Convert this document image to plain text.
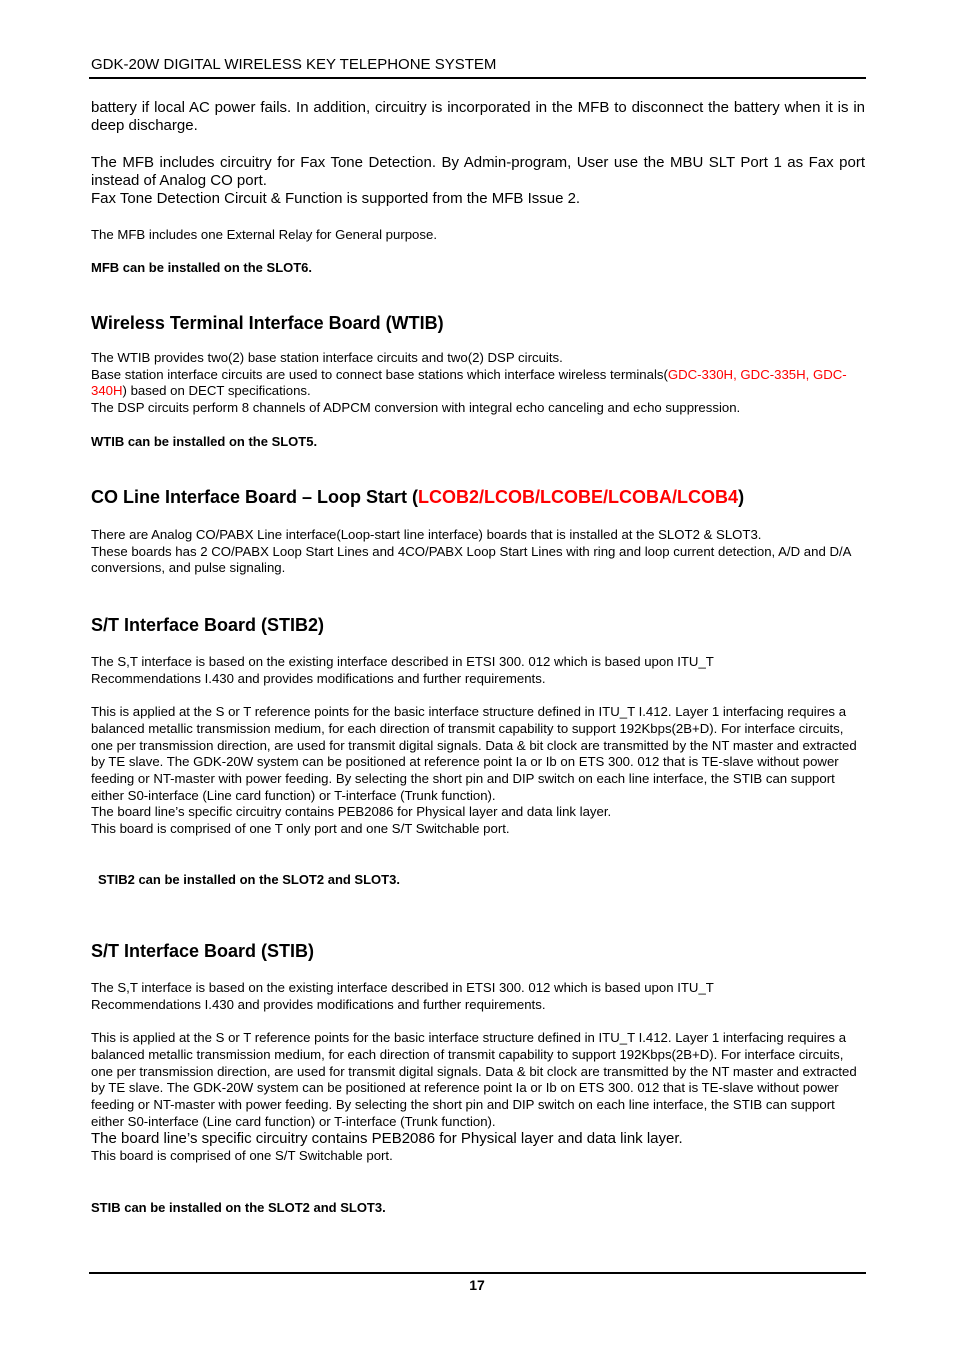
GDK-20W DIGITAL WIRELESS KEY TELEPHONE SYSTEM

battery if local AC power fails. In addition, circuitry is incorporated in the MFB to disconnect the battery when it is in deep discharge.

The MFB includes circuitry for Fax Tone Detection. By Admin-program, User use the MBU SLT Port 1 as Fax port instead of Analog CO port.

Fax Tone Detection Circuit & Function is supported from the MFB Issue 2.

The MFB includes one External Relay for General purpose.
MFB can be installed on the SLOT6.
Wireless Terminal Interface Board (WTIB)

The WTIB provides two(2) base station interface circuits and two(2) DSP circuits.

Base station interface circuits are used to connect base stations which interface wireless terminals(GDC-330H, GDC-335H, GDC-340H) based on DECT specifications.

The DSP circuits perform 8 channels of ADPCM conversion with integral echo canceling and echo suppression.

WTIB can be installed on the SLOT5.
CO Line Interface Board – Loop Start (LCOB2/LCOB/LCOBE/LCOBA/LCOB4)

There are Analog CO/PABX Line interface(Loop-start line interface) boards that is installed at the SLOT2 & SLOT3.

These boards has 2 CO/PABX Loop Start Lines and 4CO/PABX Loop Start Lines with ring and loop current detection, A/D and D/A conversions, and pulse signaling.

S/T Interface Board (STIB2)

The S,T interface is based on the existing interface described in ETSI 300. 012 which is based upon ITU_T

Recommendations I.430 and provides modifications and further requirements.

This is applied at the S or T reference points for the basic interface structure defined in ITU_T I.412. Layer 1 interfacing requires a balanced metallic transmission medium, for each direction of transmit capability to support 192Kbps(2B+D). For interface circuits, one per transmission direction, are used for transmit digital signals. Data & bit clock are transmitted by the NT master and extracted by TE slave. The GDK-20W system can be positioned at reference point Ia or Ib on ETS 300. 012 that is TE-slave without power feeding or NT-master with power feeding. By selecting the short pin and DIP switch on each line interface, the STIB can support either S0-interface (Line card function) or T-interface (Trunk function).

The board line’s specific circuitry contains PEB2086 for Physical layer and data link layer.

This board is comprised of one T only port and one S/T Switchable port.

STIB2 can be installed on the SLOT2 and SLOT3.
S/T Interface Board (STIB)

The S,T interface is based on the existing interface described in ETSI 300. 012 which is based upon ITU_T

Recommendations I.430 and provides modifications and further requirements.

This is applied at the S or T reference points for the basic interface structure defined in ITU_T I.412. Layer 1 interfacing requires a balanced metallic transmission medium, for each direction of transmit capability to support 192Kbps(2B+D). For interface circuits, one per transmission direction, are used for transmit digital signals. Data & bit clock are transmitted by the NT master and extracted by TE slave. The GDK-20W system can be positioned at reference point Ia or Ib on ETS 300. 012 that is TE-slave without power feeding or NT-master with power feeding. By selecting the short pin and DIP switch on each line interface, the STIB can support either S0-interface (Line card function) or T-interface (Trunk function).

The board line’s specific circuitry contains PEB2086 for Physical layer and data link layer.

This board is comprised of one S/T Switchable port.

STIB can be installed on the SLOT2 and SLOT3.
17
